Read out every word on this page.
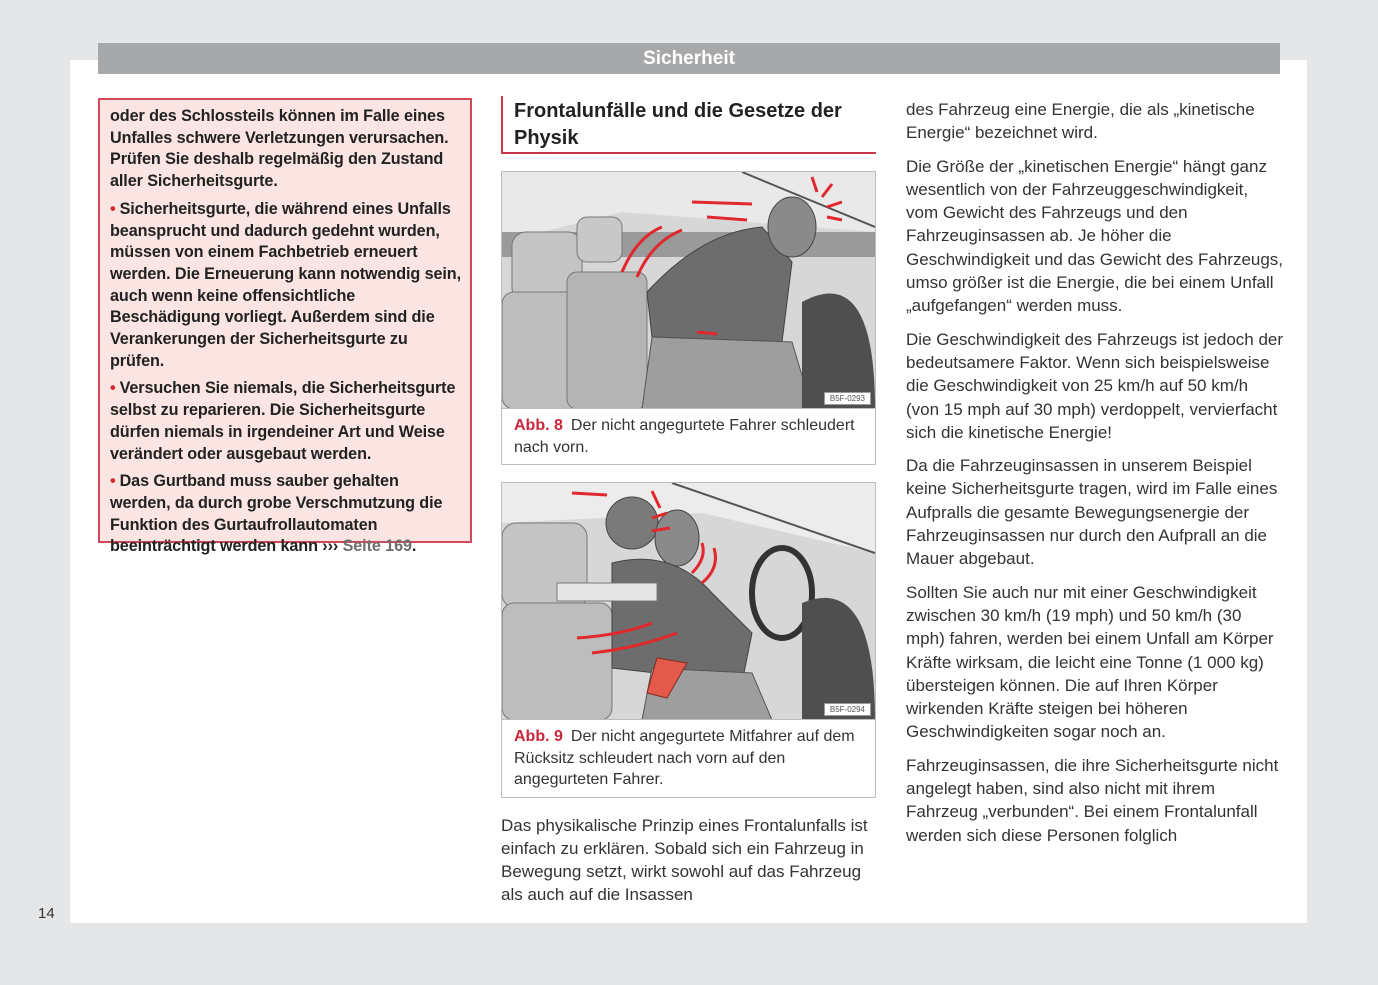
Sicherheit

oder des Schlossteils können im Falle eines Unfalles schwere Verletzungen verursachen. Prüfen Sie deshalb regelmäßig den Zustand aller Sicherheitsgurte.

• Sicherheitsgurte, die während eines Unfalls beansprucht und dadurch gedehnt wurden, müssen von einem Fachbetrieb erneuert werden. Die Erneuerung kann notwendig sein, auch wenn keine offensichtliche Beschädigung vorliegt. Außerdem sind die Verankerungen der Sicherheitsgurte zu prüfen.

• Versuchen Sie niemals, die Sicherheitsgurte selbst zu reparieren. Die Sicherheitsgurte dürfen niemals in irgendeiner Art und Weise verändert oder ausgebaut werden.

• Das Gurtband muss sauber gehalten werden, da durch grobe Verschmutzung die Funktion des Gurtaufrollautomaten beeinträchtigt werden kann ››› Seite 169.

Frontalunfälle und die Gesetze der Physik
B5F-0293
Abb. 8 Der nicht angegurtete Fahrer schleudert nach vorn.
B5F-0294
Abb. 9 Der nicht angegurtete Mitfahrer auf dem Rücksitz schleudert nach vorn auf den angegurteten Fahrer.

Das physikalische Prinzip eines Frontalunfalls ist einfach zu erklären. Sobald sich ein Fahrzeug in Bewegung setzt, wirkt sowohl auf das Fahrzeug als auch auf die Insassen

des Fahrzeug eine Energie, die als „kinetische Energie“ bezeichnet wird.

Die Größe der „kinetischen Energie“ hängt ganz wesentlich von der Fahrzeuggeschwindigkeit, vom Gewicht des Fahrzeugs und den Fahrzeuginsassen ab. Je höher die Geschwindigkeit und das Gewicht des Fahrzeugs, umso größer ist die Energie, die bei einem Unfall „aufgefangen“ werden muss.

Die Geschwindigkeit des Fahrzeugs ist jedoch der bedeutsamere Faktor. Wenn sich beispielsweise die Geschwindigkeit von 25 km/h auf 50 km/h (von 15 mph auf 30 mph) verdoppelt, vervierfacht sich die kinetische Energie!

Da die Fahrzeuginsassen in unserem Beispiel keine Sicherheitsgurte tragen, wird im Falle eines Aufpralls die gesamte Bewegungsenergie der Fahrzeuginsassen nur durch den Aufprall an die Mauer abgebaut.

Sollten Sie auch nur mit einer Geschwindigkeit zwischen 30 km/h (19 mph) und 50 km/h (30 mph) fahren, werden bei einem Unfall am Körper Kräfte wirksam, die leicht eine Tonne (1 000 kg) übersteigen können. Die auf Ihren Körper wirkenden Kräfte steigen bei höheren Geschwindigkeiten sogar noch an.

Fahrzeuginsassen, die ihre Sicherheitsgurte nicht angelegt haben, sind also nicht mit ihrem Fahrzeug „verbunden“. Bei einem Frontalunfall werden sich diese Personen folglich

14
